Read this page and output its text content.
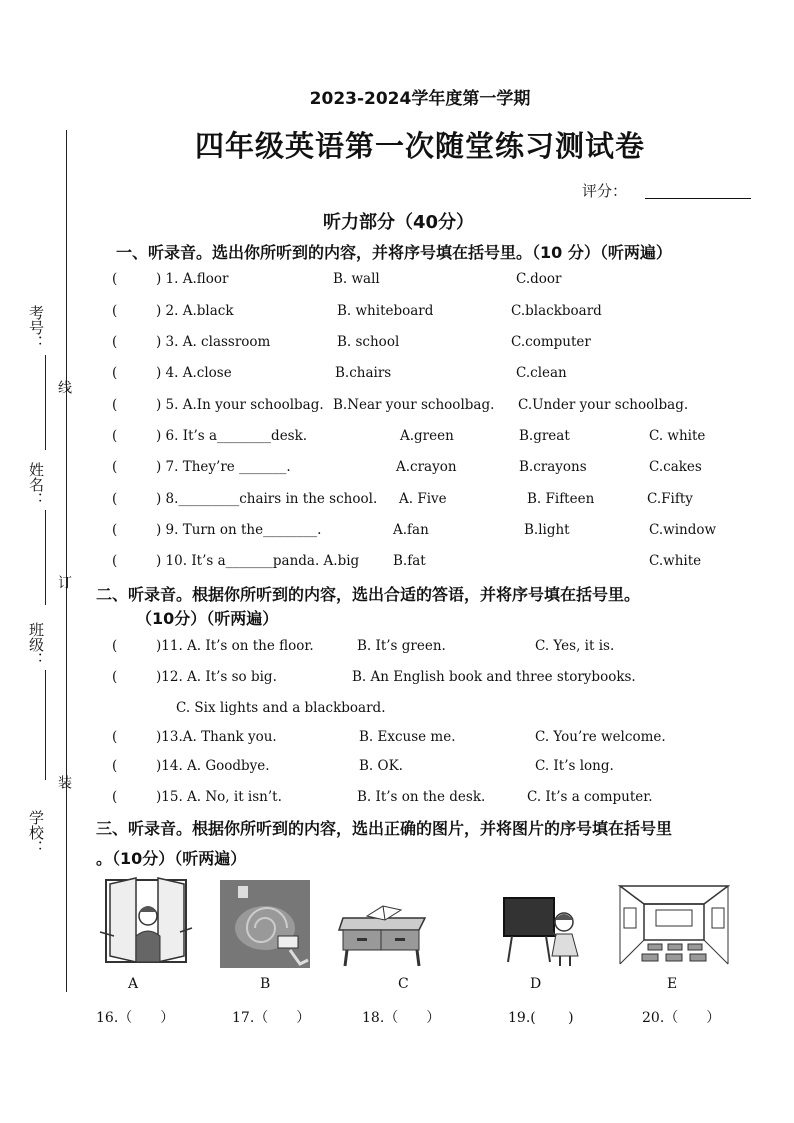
考号：
线
姓名：
订
班级：
装
学校：
2023-2024学年度第一学期
四年级英语第一次随堂练习测试卷
评分：
听力部分（40分）
一、听录音。选出你所听到的内容，并将序号填在括号里。（10 分）（听两遍）
(	) 1. A.floor	B. wall	C.door
(	) 2. A.black	B. whiteboard	C.blackboard
(	) 3. A. classroom	B. school	C.computer
(	) 4. A.close	B.chairs	C.clean
(	) 5. A.In your schoolbag. B.Near your schoolbag. C.Under your schoolbag.
(	) 6. It’s a________desk.	A.green	B.great	C. white
(	) 7. They’re _______.	A.crayon	B.crayons	C.cakes
(	) 8._________chairs in the school. A. Five	B. Fifteen	C.Fifty
(	) 9. Turn on the________.	A.fan	B.light	C.window
(	) 10. It’s a_______panda. A.big	B.fat	C.white
二、听录音。根据你所听到的内容，选出合适的答语，并将序号填在括号里。
（10分）（听两遍）
(	)11. A. It’s on the floor.	B. It’s green.	C. Yes, it is.
(	)12. A. It’s so big.	B. An English book and three storybooks.
C. Six lights and a blackboard.
(	)13.A. Thank you.	B. Excuse me.	C. You’re welcome.
(	)14. A. Goodbye.	B. OK.	C. It’s long.
(	)15. A. No, it isn’t.	B. It’s on the desk.	C. It’s a computer.
三、听录音。根据你所听到的内容，选出正确的图片，并将图片的序号填在括号里
。（10分）（听两遍）
A	B	C	D	E
16.（　　）	17.（　　）	18.（　　）	19.(　　 )	20.（　　）
